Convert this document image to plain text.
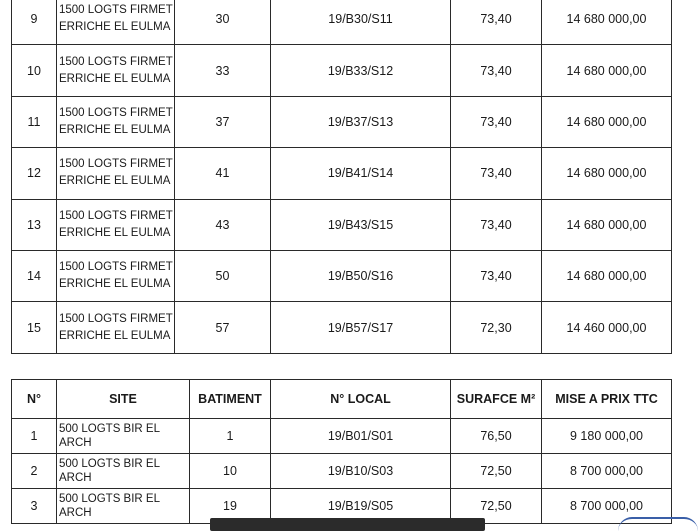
9	1500 LOGTS FIRMET
ERRICHE EL EULMA	30	19/B30/S11	73,40	14 680 000,00
10	1500 LOGTS FIRMET
ERRICHE EL EULMA	33	19/B33/S12	73,40	14 680 000,00
11	1500 LOGTS FIRMET
ERRICHE EL EULMA	37	19/B37/S13	73,40	14 680 000,00
12	1500 LOGTS FIRMET
ERRICHE EL EULMA	41	19/B41/S14	73,40	14 680 000,00
13	1500 LOGTS FIRMET
ERRICHE EL EULMA	43	19/B43/S15	73,40	14 680 000,00
14	1500 LOGTS FIRMET
ERRICHE EL EULMA	50	19/B50/S16	73,40	14 680 000,00
15	1500 LOGTS FIRMET
ERRICHE EL EULMA	57	19/B57/S17	72,30	14 460 000,00
N°	SITE	BATIMENT	N° LOCAL	SURAFCE M²	MISE A PRIX TTC
1	500 LOGTS BIR EL ARCH	1	19/B01/S01	76,50	9 180 000,00
2	500 LOGTS BIR EL ARCH	10	19/B10/S03	72,50	8 700 000,00
3	500 LOGTS BIR EL ARCH	19	19/B19/S05	72,50	8 700 000,00
